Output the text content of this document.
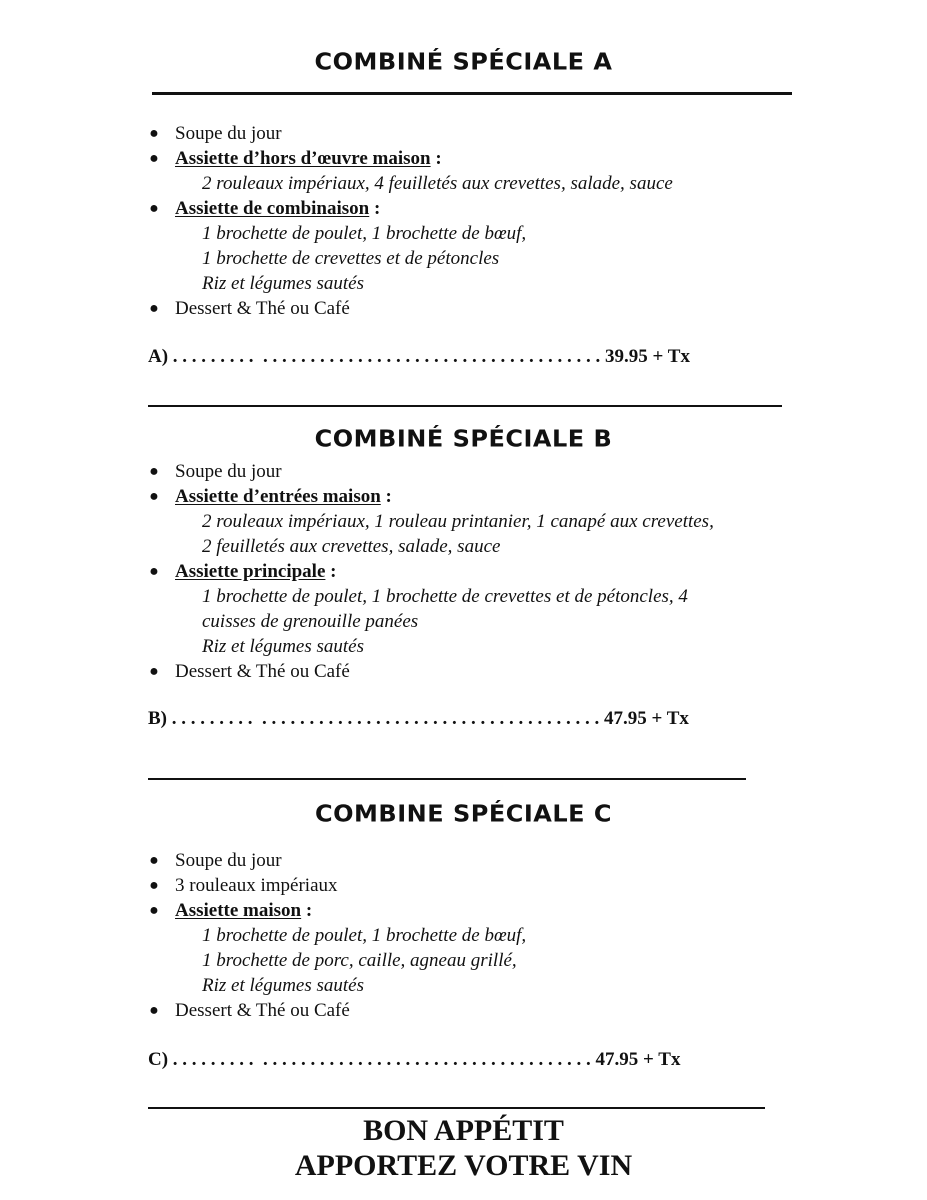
COMBINÉ SPÉCIALE A
● Soupe du jour
● Assiette d’hors d’œuvre maison :
2 rouleaux impériaux, 4 feuilletés aux crevettes, salade, sauce
● Assiette de combinaison :
1 brochette de poulet, 1 brochette de bœuf,
1 brochette de crevettes et de pétoncles
Riz et légumes sautés
● Dessert & Thé ou Café
A) . . . . . . . . .  . . . . . . . . . . . . . . . . . . . . . . . . . . . . . . . . . . . . 39.95 + Tx
COMBINÉ SPÉCIALE B
● Soupe du jour
● Assiette d’entrées maison :
2 rouleaux impériaux, 1 rouleau printanier, 1 canapé aux crevettes,
2 feuilletés aux crevettes, salade, sauce
● Assiette principale :
1 brochette de poulet, 1 brochette de crevettes et de pétoncles, 4
cuisses de grenouille panées
Riz et légumes sautés
● Dessert & Thé ou Café
B) . . . . . . . . .  . . . . . . . . . . . . . . . . . . . . . . . . . . . . . . . . . . . . 47.95 + Tx
COMBINE SPÉCIALE C
● Soupe du jour
● 3 rouleaux impériaux
● Assiette maison :
1 brochette de poulet, 1 brochette de bœuf,
1 brochette de porc, caille, agneau grillé,
Riz et légumes sautés
● Dessert & Thé ou Café
C) . . . . . . . . .  . . . . . . . . . . . . . . . . . . . . . . . . . . . . . . . . . . . 47.95 + Tx
BON APPÉTIT
APPORTEZ VOTRE VIN
